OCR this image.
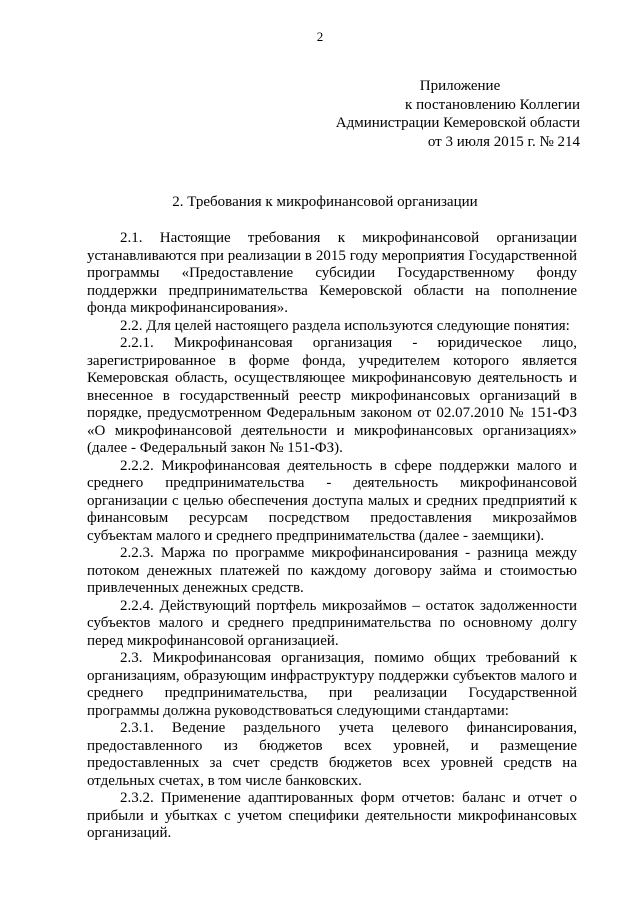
2
Приложение
к постановлению Коллегии
Администрации Кемеровской области
от 3 июля 2015 г. № 214
2. Требования к микрофинансовой организации

2.1. Настоящие требования к микрофинансовой организации устанавливаются при реализации в 2015 году мероприятия Государственной программы «Предоставление субсидии Государственному фонду поддержки предпринимательства Кемеровской области на пополнение фонда микрофинансирования».

2.2. Для целей настоящего раздела используются следующие понятия:

2.2.1. Микрофинансовая организация - юридическое лицо, зарегистрированное в форме фонда, учредителем которого является Кемеровская область, осуществляющее микрофинансовую деятельность и внесенное в государственный реестр микрофинансовых организаций в порядке, предусмотренном Федеральным законом от 02.07.2010 № 151-ФЗ «О микрофинансовой деятельности и микрофинансовых организациях» (далее - Федеральный закон № 151-ФЗ).

2.2.2. Микрофинансовая деятельность в сфере поддержки малого и среднего предпринимательства - деятельность микрофинансовой организации с целью обеспечения доступа малых и средних предприятий к финансовым ресурсам посредством предоставления микрозаймов субъектам малого и среднего предпринимательства (далее - заемщики).

2.2.3. Маржа по программе микрофинансирования - разница между потоком денежных платежей по каждому договору займа и стоимостью привлеченных денежных средств.

2.2.4. Действующий портфель микрозаймов – остаток задолженности субъектов малого и среднего предпринимательства по основному долгу перед микрофинансовой организацией.

2.3. Микрофинансовая организация, помимо общих требований к организациям, образующим инфраструктуру поддержки субъектов малого и среднего предпринимательства, при реализации Государственной программы должна руководствоваться следующими стандартами:

2.3.1. Ведение раздельного учета целевого финансирования, предоставленного из бюджетов всех уровней, и размещение предоставленных за счет средств бюджетов всех уровней средств на отдельных счетах, в том числе банковских.

2.3.2. Применение адаптированных форм отчетов: баланс и отчет о прибыли и убытках с учетом специфики деятельности микрофинансовых организаций.
